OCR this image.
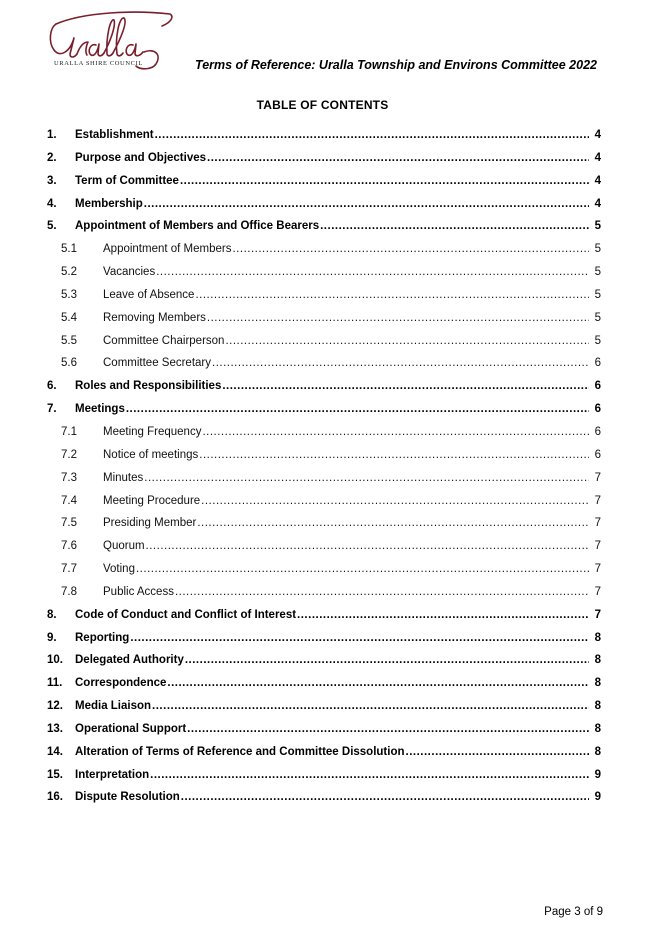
URALLA SHIRE COUNCIL	Terms of Reference: Uralla Township and Environs Committee 2022
TABLE OF CONTENTS
1.	Establishment .....	4
2.	Purpose and Objectives .....	4
3.	Term of Committee .....	4
4.	Membership .....	4
5.	Appointment of Members and Office Bearers .....	5
5.1	Appointment of Members .....	5
5.2	Vacancies .....	5
5.3	Leave of Absence .....	5
5.4	Removing Members .....	5
5.5	Committee Chairperson .....	5
5.6	Committee Secretary .....	6
6.	Roles and Responsibilities .....	6
7.	Meetings .....	6
7.1	Meeting Frequency .....	6
7.2	Notice of meetings .....	6
7.3	Minutes .....	7
7.4	Meeting Procedure .....	7
7.5	Presiding Member .....	7
7.6	Quorum .....	7
7.7	Voting .....	7
7.8	Public Access .....	7
8.	Code of Conduct and Conflict of Interest .....	7
9.	Reporting .....	8
10.	Delegated Authority .....	8
11.	Correspondence .....	8
12.	Media Liaison .....	8
13.	Operational Support .....	8
14.	Alteration of Terms of Reference and Committee Dissolution .....	8
15.	Interpretation .....	9
16.	Dispute Resolution .....	9
Page 3 of 9
